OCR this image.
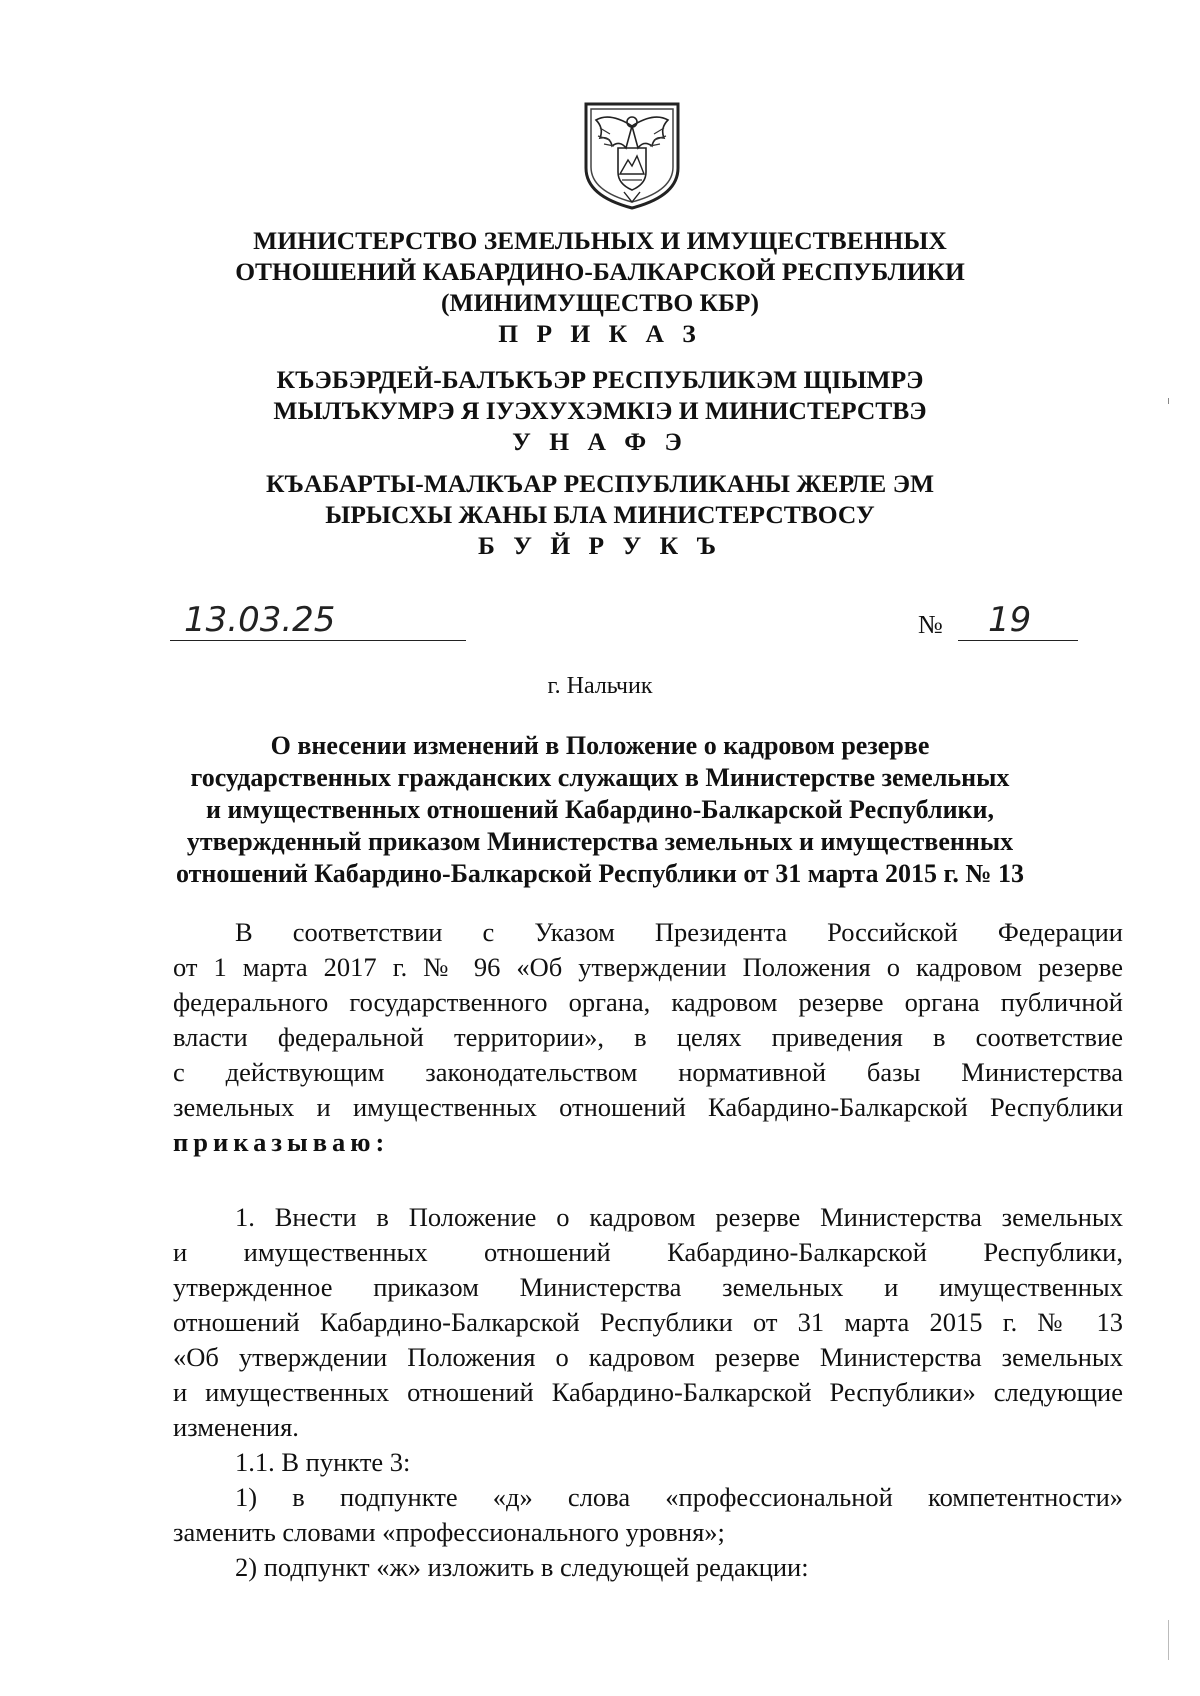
МИНИСТЕРСТВО ЗЕМЕЛЬНЫХ И ИМУЩЕСТВЕННЫХ

ОТНОШЕНИЙ КАБАРДИНО-БАЛКАРСКОЙ РЕСПУБЛИКИ

(МИНИМУЩЕСТВО КБР)

П Р И К А З

КЪЭБЭРДЕЙ-БАЛЪКЪЭР РЕСПУБЛИКЭМ ЩIЫМРЭ

МЫЛЪКУМРЭ Я IУЭХУХЭМКIЭ И МИНИСТЕРСТВЭ

У Н А Ф Э

КЪАБАРТЫ-МАЛКЪАР РЕСПУБЛИКАНЫ ЖЕРЛЕ ЭМ

ЫРЫСХЫ ЖАНЫ БЛА МИНИСТЕРСТВОСУ

Б У Й Р У К Ъ

13.03.25	№ 19
г. Нальчик
О внесении изменений в Положение о кадровом резерве
государственных гражданских служащих в Министерстве земельных
и имущественных отношений Кабардино-Балкарской Республики,
утвержденный приказом Министерства земельных и имущественных
отношений Кабардино-Балкарской Республики от 31 марта 2015 г. № 13
В соответствии с Указом Президента Российской Федерации
от 1 марта 2017 г. № 96 «Об утверждении Положения о кадровом резерве
федерального государственного органа, кадровом резерве органа публичной
власти федеральной территории», в целях приведения в соответствие
с действующим законодательством нормативной базы Министерства
земельных и имущественных отношений Кабардино-Балкарской Республики
приказываю:
1. Внести в Положение о кадровом резерве Министерства земельных
и имущественных отношений Кабардино-Балкарской Республики,
утвержденное приказом Министерства земельных и имущественных
отношений Кабардино-Балкарской Республики от 31 марта 2015 г. № 13
«Об утверждении Положения о кадровом резерве Министерства земельных
и имущественных отношений Кабардино-Балкарской Республики» следующие
изменения.
1.1. В пункте 3:
1) в подпункте «д» слова «профессиональной компетентности»
заменить словами «профессионального уровня»;
2) подпункт «ж» изложить в следующей редакции:
